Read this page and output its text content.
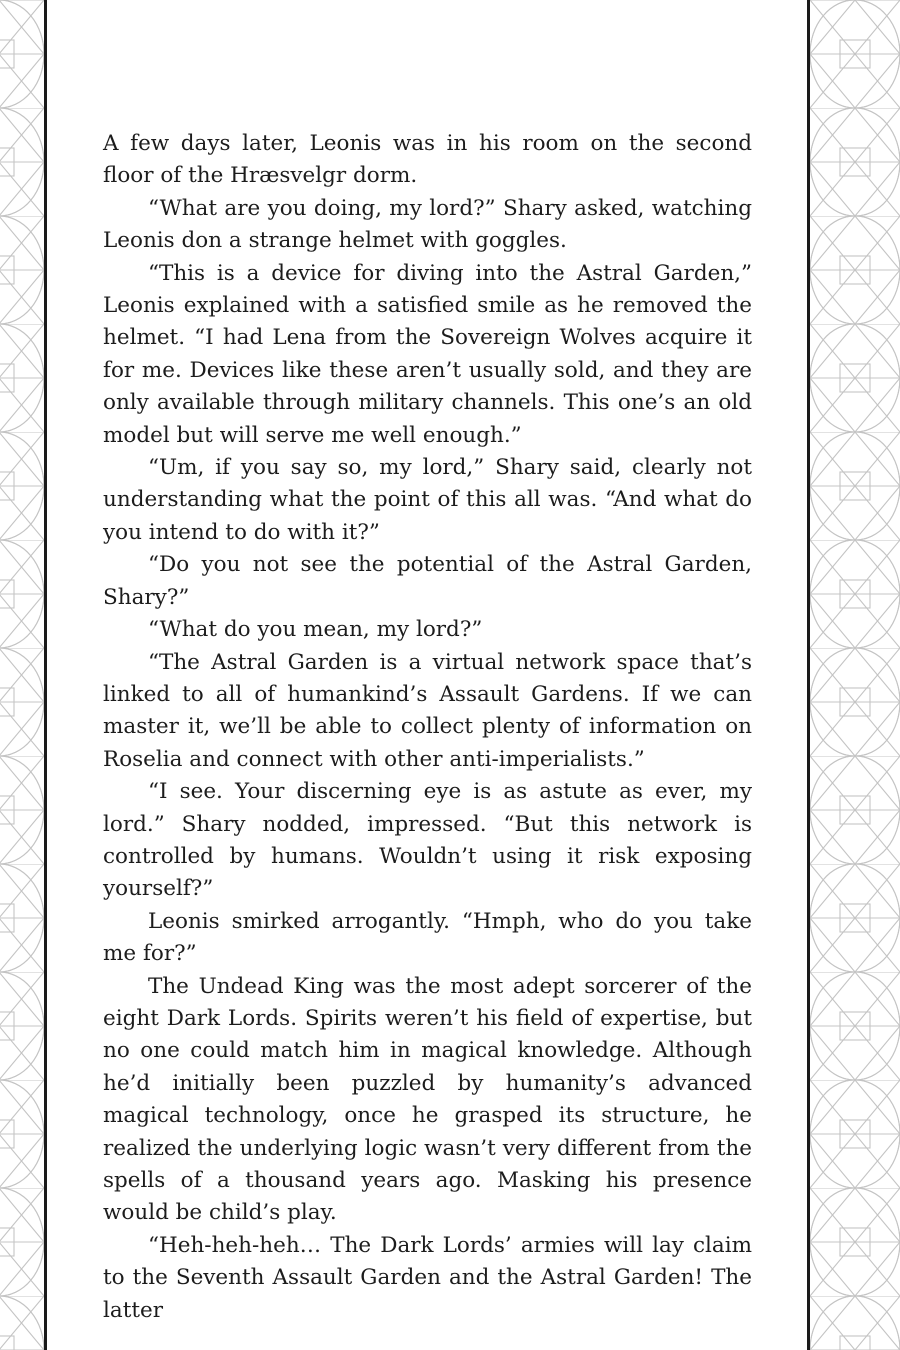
A few days later, Leonis was in his room on the second floor of the Hræsvelgr dorm.

“What are you doing, my lord?” Shary asked, watching Leonis don a strange helmet with goggles.

“This is a device for diving into the Astral Garden,” Leonis explained with a satisfied smile as he removed the helmet. “I had Lena from the Sovereign Wolves acquire it for me. Devices like these aren’t usually sold, and they are only available through military channels. This one’s an old model but will serve me well enough.”

“Um, if you say so, my lord,” Shary said, clearly not understanding what the point of this all was. “And what do you intend to do with it?”

“Do you not see the potential of the Astral Garden, Shary?”

“What do you mean, my lord?”

“The Astral Garden is a virtual network space that’s linked to all of humankind’s Assault Gardens. If we can master it, we’ll be able to collect plenty of information on Roselia and connect with other anti-imperialists.”

“I see. Your discerning eye is as astute as ever, my lord.” Shary nodded, impressed. “But this network is controlled by humans. Wouldn’t using it risk exposing yourself?”

Leonis smirked arrogantly. “Hmph, who do you take me for?”

The Undead King was the most adept sorcerer of the eight Dark Lords. Spirits weren’t his field of expertise, but no one could match him in magical knowledge. Although he’d initially been puzzled by humanity’s advanced magical technology, once he grasped its structure, he realized the underlying logic wasn’t very different from the spells of a thousand years ago. Masking his presence would be child’s play.

“Heh-heh-heh… The Dark Lords’ armies will lay claim to the Seventh Assault Garden and the Astral Garden! The latter
